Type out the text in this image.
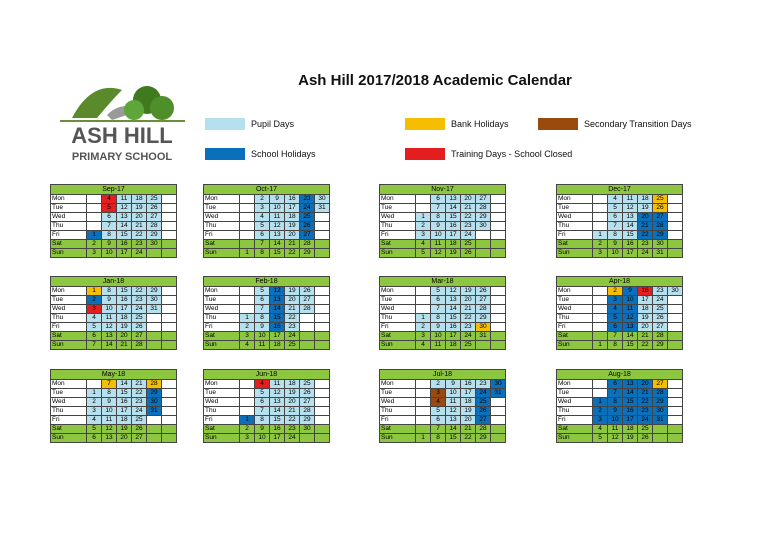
ASH HILL
PRIMARY SCHOOL
Ash Hill 2017/2018 Academic Calendar
Pupil Days	Bank Holidays	Secondary Transition Days
School Holidays	Training Days - School Closed
Sep-17						
Mon		4	11	18	25	
Tue		5	12	19	26	
Wed		6	13	20	27	
Thu		7	14	21	28	
Fri	1	8	15	22	29	
Sat	2	9	16	23	30	
Sun	3	10	17	24		
Oct-17						
Mon		2	9	16	23	30
Tue		3	10	17	24	31
Wed		4	11	18	25	
Thu		5	12	19	26	
Fri		6	13	20	27	
Sat		7	14	21	28	
Sun	1	8	15	22	29	
Nov-17						
Mon		6	13	20	27	
Tue		7	14	21	28	
Wed	1	8	15	22	29	
Thu	2	9	16	23	30	
Fri	3	10	17	24		
Sat	4	11	18	25		
Sun	5	12	19	26		
Dec-17						
Mon		4	11	18	25	
Tue		5	12	19	26	
Wed		6	13	20	27	
Thu		7	14	21	28	
Fri	1	8	15	22	29	
Sat	2	9	16	23	30	
Sun	3	10	17	24	31	
Jan-18						
Mon	1	8	15	22	29	
Tue	2	9	16	23	30	
Wed	3	10	17	24	31	
Thu	4	11	18	25		
Fri	5	12	19	26		
Sat	6	13	20	27		
Sun	7	14	21	28		
Feb-18						
Mon		5	12	19	26	
Tue		6	13	20	27	
Wed		7	14	21	28	
Thu	1	8	15	22		
Fri	2	9	16	23		
Sat	3	10	17	24		
Sun	4	11	18	25		
Mar-18						
Mon		5	12	19	26	
Tue		6	13	20	27	
Wed		7	14	21	28	
Thu	1	8	15	22	29	
Fri	2	9	16	23	30	
Sat	3	10	17	24	31	
Sun	4	11	18	25		
Apr-18						
Mon		2	9	16	23	30
Tue		3	10	17	24	
Wed		4	11	18	25	
Thu		5	12	19	26	
Fri		6	13	20	27	
Sat		7	14	21	28	
Sun	1	8	15	22	29	
May-18						
Mon		7	14	21	28	
Tue	1	8	15	22	29	
Wed	2	9	16	23	30	
Thu	3	10	17	24	31	
Fri	4	11	18	25		
Sat	5	12	19	26		
Sun	6	13	20	27		
Jun-18						
Mon		4	11	18	25	
Tue		5	12	19	26	
Wed		6	13	20	27	
Thu		7	14	21	28	
Fri	1	8	15	22	29	
Sat	2	9	16	23	30	
Sun	3	10	17	24		
Jul-18						
Mon		2	9	16	23	30
Tue		3	10	17	24	31
Wed		4	11	18	25	
Thu		5	12	19	26	
Fri		6	13	20	27	
Sat		7	14	21	28	
Sun	1	8	15	22	29	
Aug-18						
Mon		6	13	20	27	
Tue		7	14	21	28	
Wed	1	8	15	22	29	
Thu	2	9	16	23	30	
Fri	3	10	17	24	31	
Sat	4	11	18	25		
Sun	5	12	19	26		
